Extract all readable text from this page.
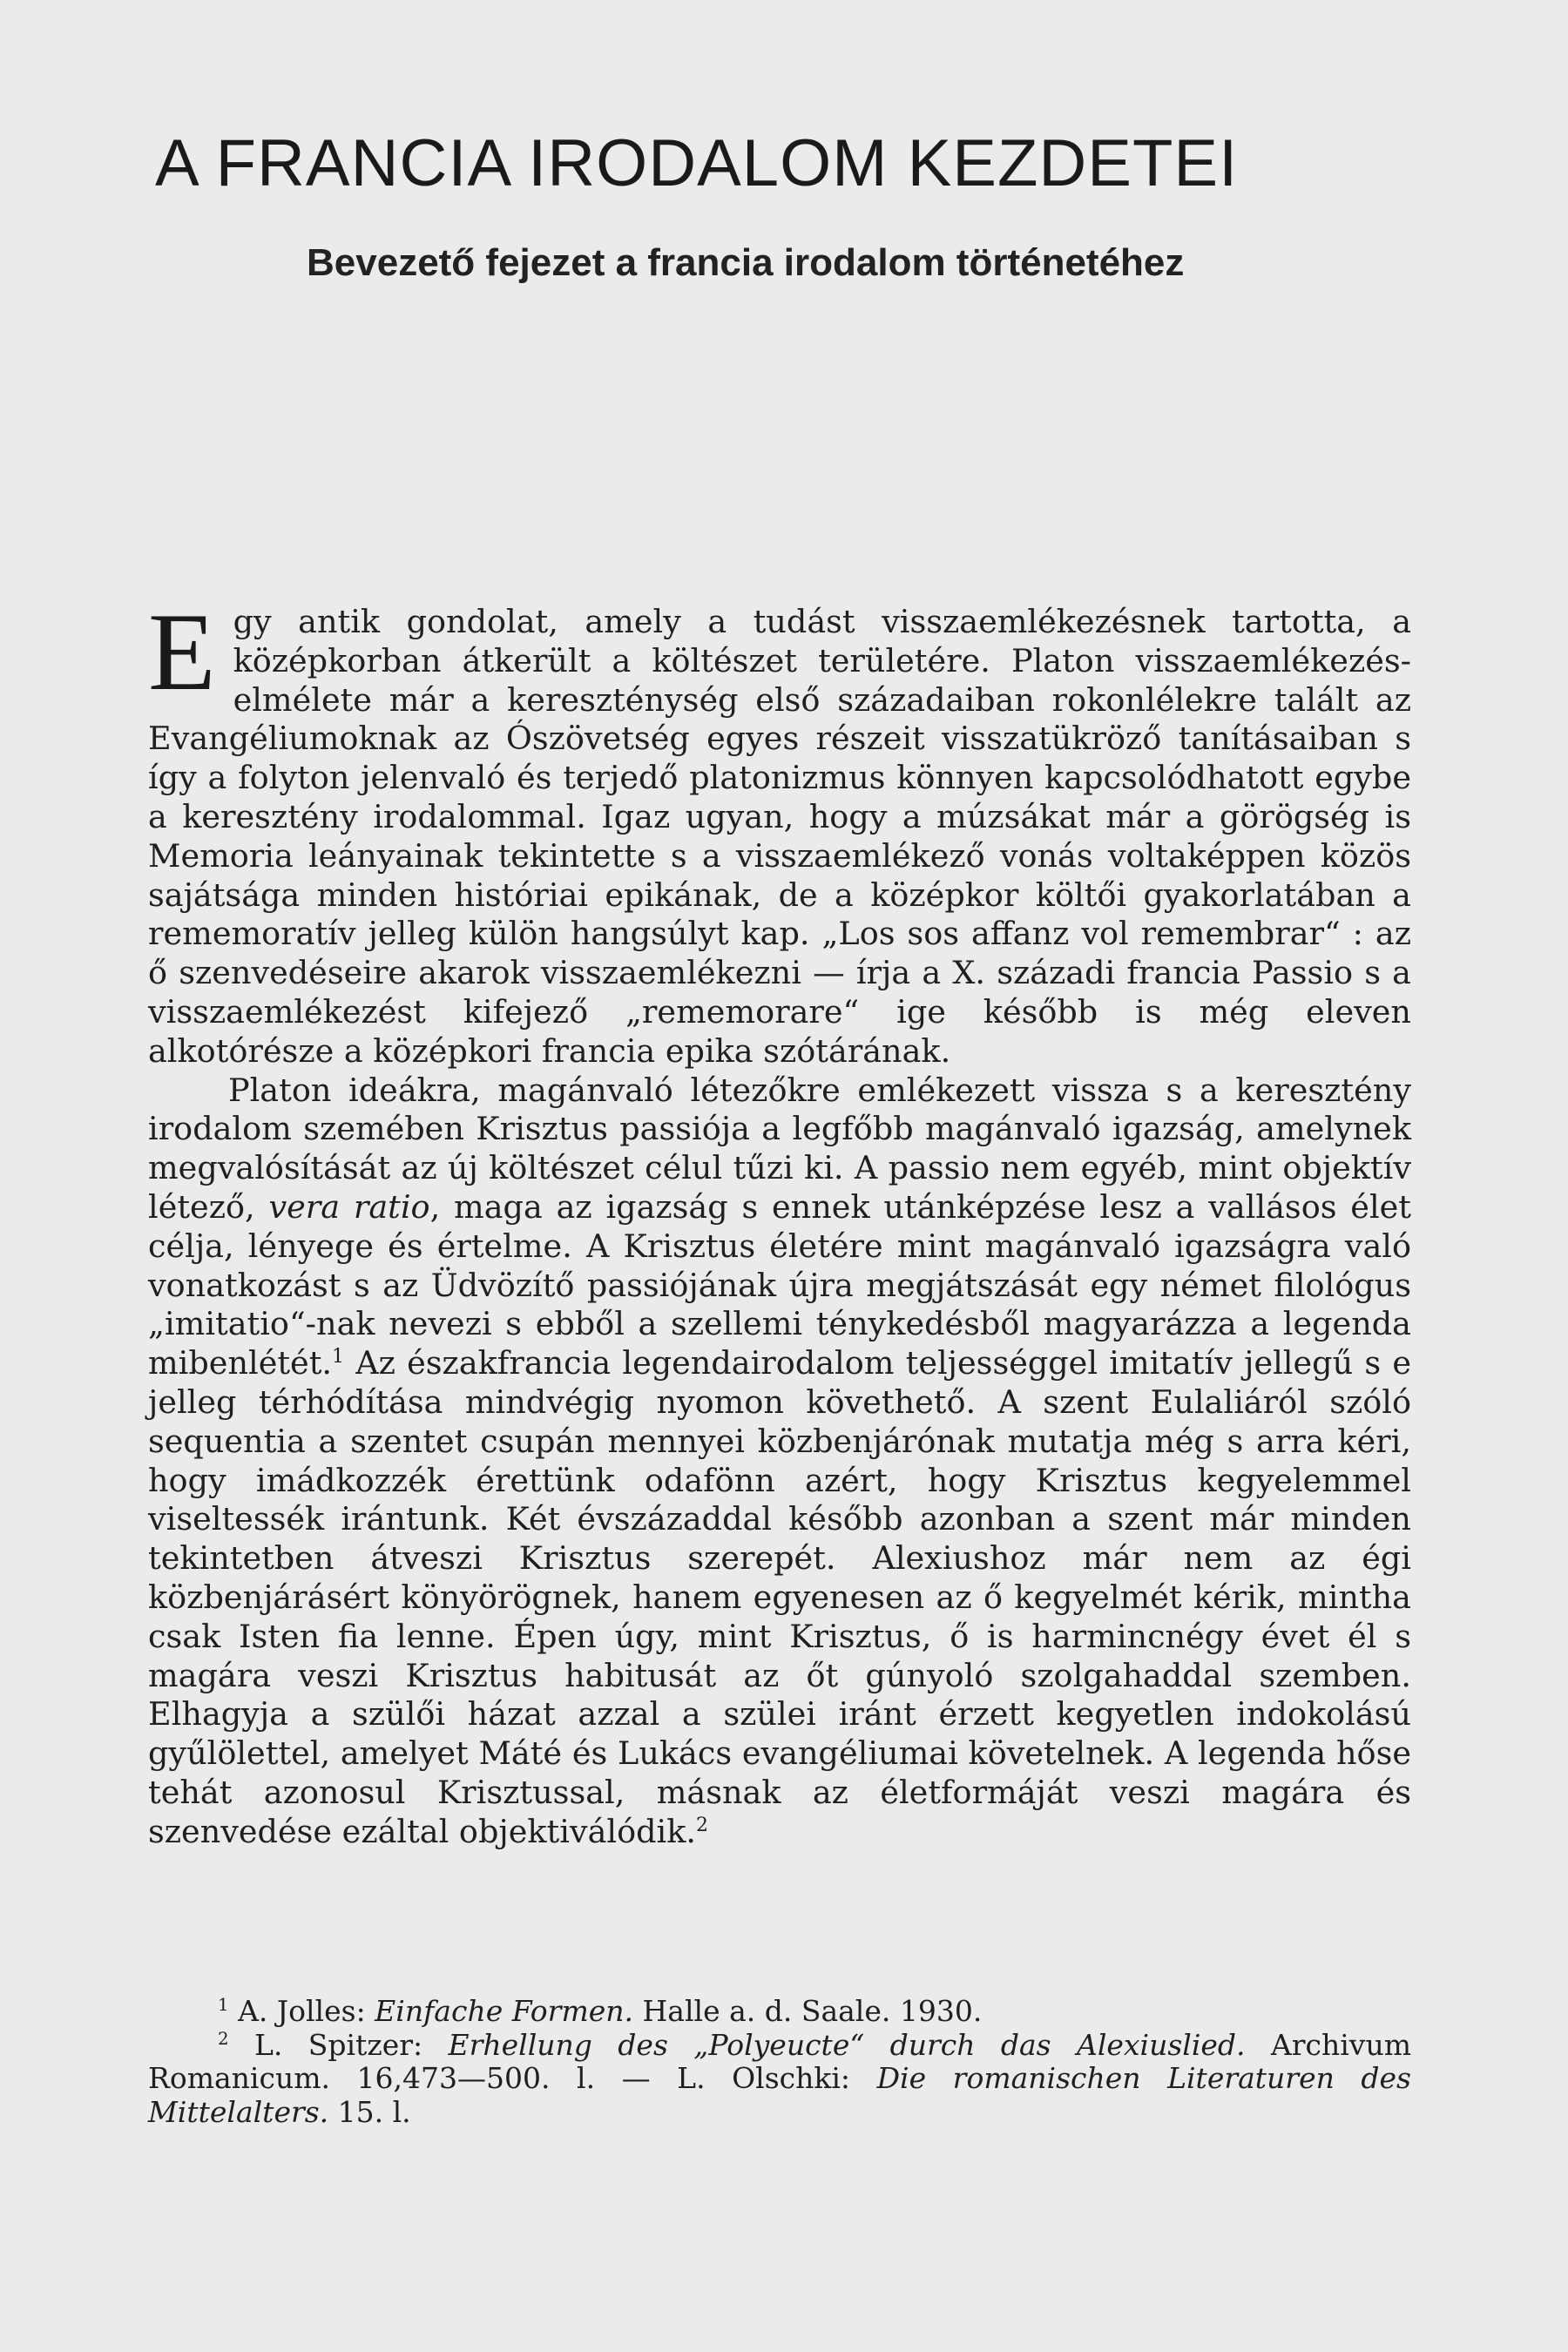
A FRANCIA IRODALOM KEZDETEI
Bevezető fejezet a francia irodalom történetéhez

Egy antik gondolat, amely a tudást visszaemlékezésnek tartotta, a középkorban átkerült a költészet területére. Platon visszaemlékezés-elmélete már a kereszténység első századaiban rokonlélekre talált az Evangéliumoknak az Ószövetség egyes részeit visszatükröző tanításaiban s így a folyton jelenvaló és terjedő platonizmus könnyen kapcsolódhatott egybe a keresztény irodalommal. Igaz ugyan, hogy a múzsákat már a görögség is Memoria leányainak tekintette s a visszaemlékező vonás voltaképpen közös sajátsága minden históriai epikának, de a középkor költői gyakorlatában a rememoratív jelleg külön hangsúlyt kap. „Los sos affanz vol remembrar“ : az ő szenvedéseire akarok visszaemlékezni — írja a X. századi francia Passio s a visszaemlékezést kifejező „rememorare“ ige később is még eleven alkotórésze a középkori francia epika szótárának.

Platon ideákra, magánvaló létezőkre emlékezett vissza s a keresztény irodalom szemében Krisztus passiója a legfőbb magánvaló igazság, amelynek megvalósítását az új költészet célul tűzi ki. A passio nem egyéb, mint objektív létező, vera ratio, maga az igazság s ennek utánképzése lesz a vallásos élet célja, lényege és értelme. A Krisztus életére mint magánvaló igazságra való vonatkozást s az Üdvözítő passiójának újra megjátszását egy német filológus „imitatio“-nak nevezi s ebből a szellemi ténykedésből magyarázza a legenda mibenlétét.$^1$ Az északfrancia legendairodalom teljességgel imitatív jellegű s e jelleg térhódítása mindvégig nyomon követhető. A szent Eulaliáról szóló sequentia a szentet csupán mennyei közbenjárónak mutatja még s arra kéri, hogy imádkozzék érettünk odafönn azért, hogy Krisztus kegyelemmel viseltessék irántunk. Két évszázaddal később azonban a szent már minden tekintetben átveszi Krisztus szerepét. Alexiushoz már nem az égi közbenjárásért könyörögnek, hanem egyenesen az ő kegyelmét kérik, mintha csak Isten fia lenne. Épen úgy, mint Krisztus, ő is harmincnégy évet él s magára veszi Krisztus habitusát az őt gúnyoló szolgahaddal szemben. Elhagyja a szülői házat azzal a szülei iránt érzett kegyetlen indokolású gyűlölettel, amelyet Máté és Lukács evangéliumai követelnek. A legenda hőse tehát azonosul Krisztussal, másnak az életformáját veszi magára és szenvedése ezáltal objektiválódik.$^2$

$^1$ A. Jolles: Einfache Formen. Halle a. d. Saale. 1930.

$^2$ L. Spitzer: Erhellung des „Polyeucte“ durch das Alexiuslied. Archivum Romanicum. 16,473—500. l. — L. Olschki: Die romanischen Literaturen des Mittelalters. 15. l.
